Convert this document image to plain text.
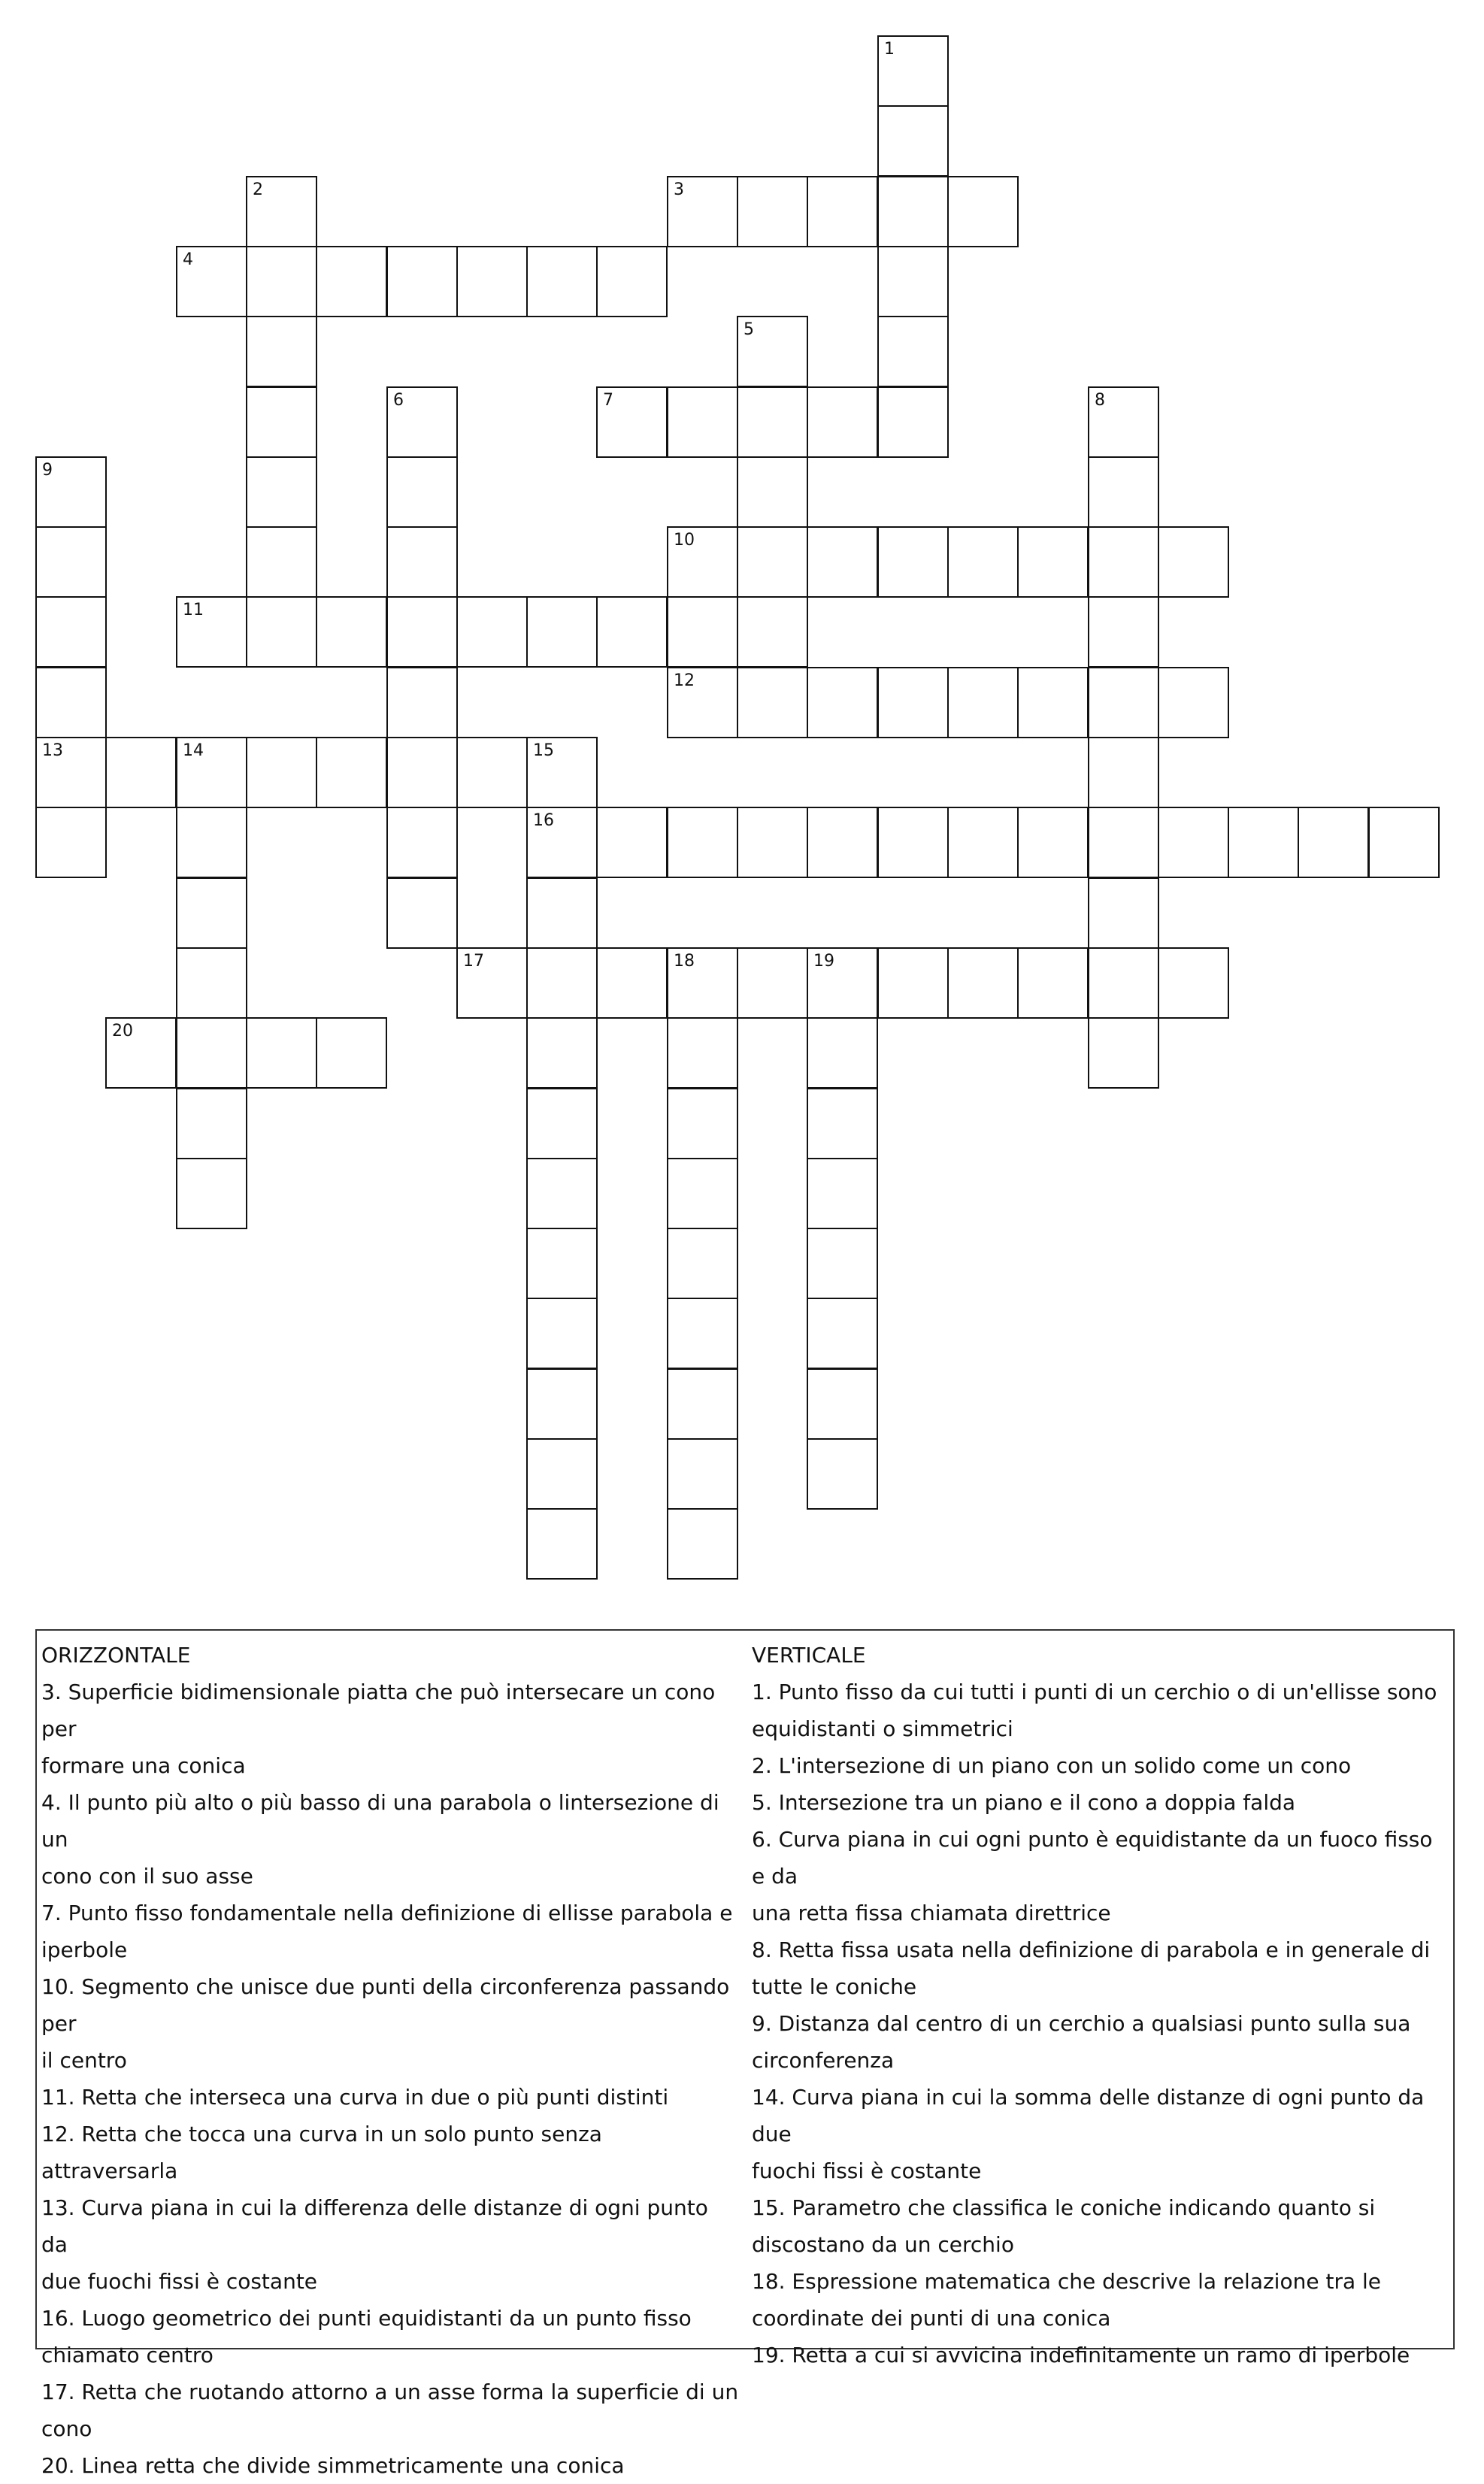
1
2	3
4
5
6	7	8
9
13
10
11
12
14	15
16
17	18	19
20

ORIZZONTALE

3. Superficie bidimensionale piatta che può intersecare un cono per

formare una conica

4. Il punto più alto o più basso di una parabola o lintersezione di un

cono con il suo asse

7. Punto fisso fondamentale nella definizione di ellisse parabola e

iperbole

10. Segmento che unisce due punti della circonferenza passando per

il centro

11. Retta che interseca una curva in due o più punti distinti

12. Retta che tocca una curva in un solo punto senza attraversarla

13. Curva piana in cui la differenza delle distanze di ogni punto da

due fuochi fissi è costante

16. Luogo geometrico dei punti equidistanti da un punto fisso

chiamato centro

17. Retta che ruotando attorno a un asse forma la superficie di un

cono

20. Linea retta che divide simmetricamente una conica

VERTICALE

1. Punto fisso da cui tutti i punti di un cerchio o di un'ellisse sono

equidistanti o simmetrici

2. L'intersezione di un piano con un solido come un cono

5. Intersezione tra un piano e il cono a doppia falda

6. Curva piana in cui ogni punto è equidistante da un fuoco fisso e da

una retta fissa chiamata direttrice

8. Retta fissa usata nella definizione di parabola e in generale di

tutte le coniche

9. Distanza dal centro di un cerchio a qualsiasi punto sulla sua

circonferenza

14. Curva piana in cui la somma delle distanze di ogni punto da due

fuochi fissi è costante

15. Parametro che classifica le coniche indicando quanto si

discostano da un cerchio

18. Espressione matematica che descrive la relazione tra le

coordinate dei punti di una conica

19. Retta a cui si avvicina indefinitamente un ramo di iperbole
